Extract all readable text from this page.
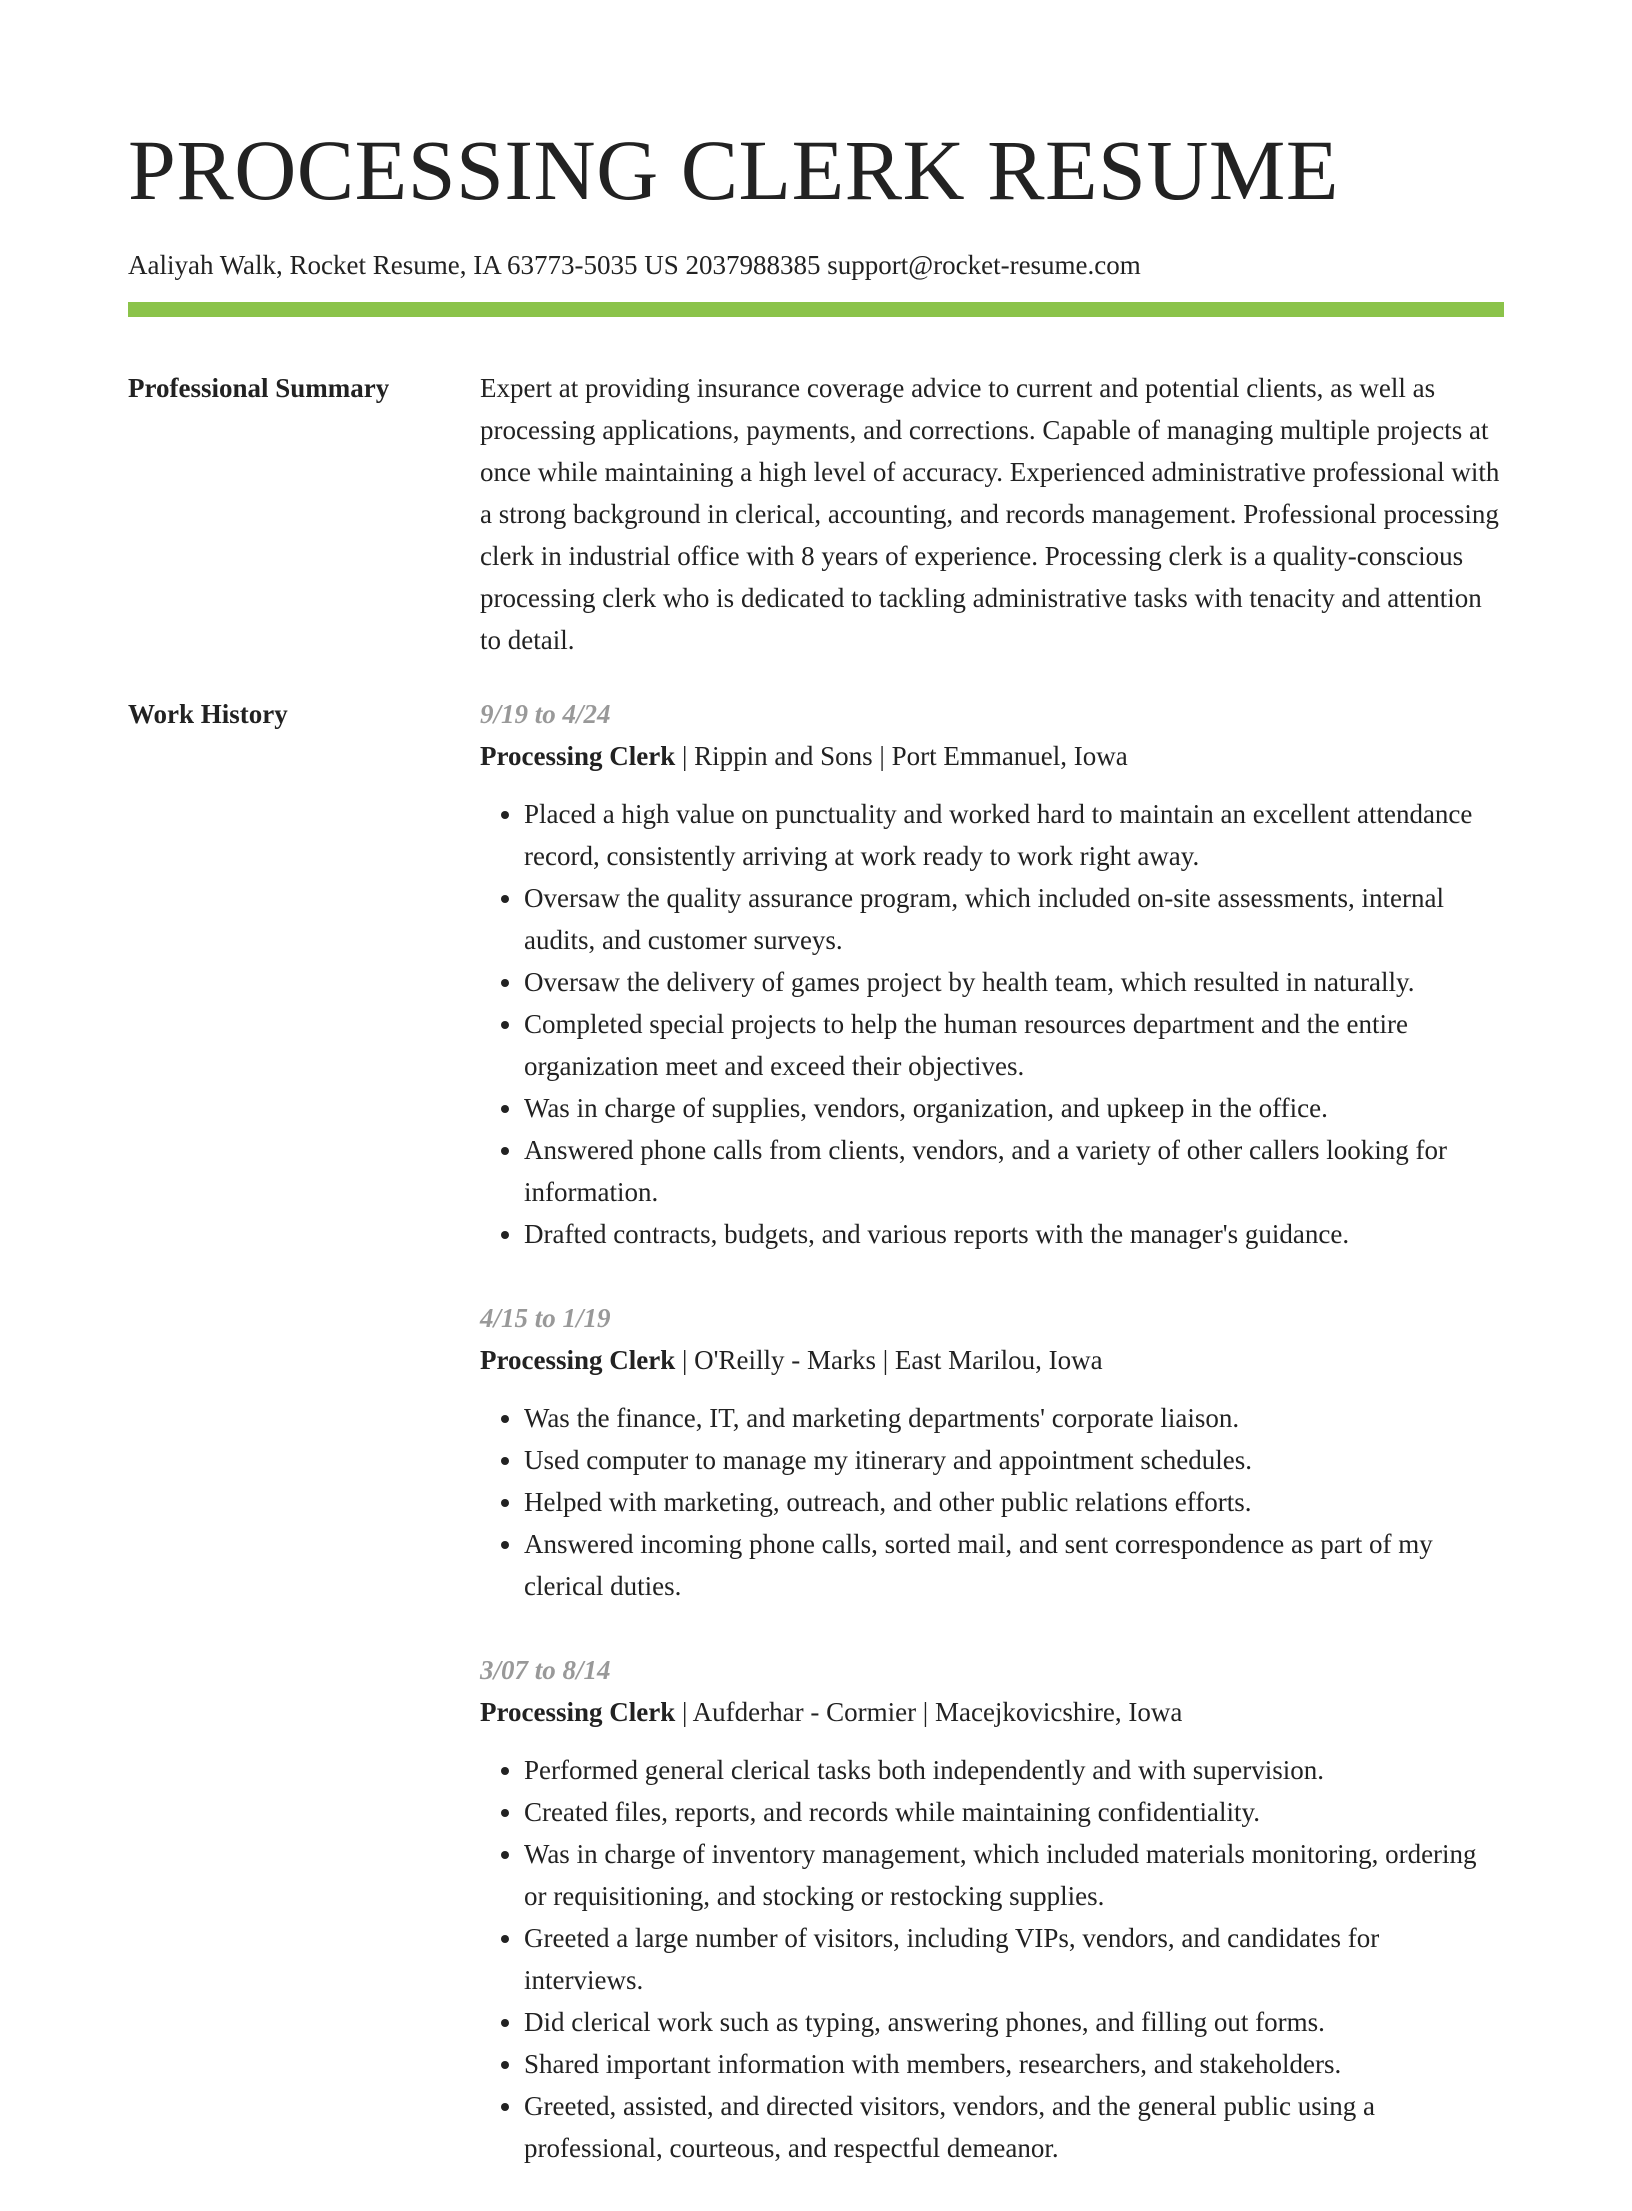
PROCESSING CLERK RESUME
Aaliyah Walk, Rocket Resume, IA 63773-5035 US 2037988385 support@rocket-resume.com
Professional Summary	Expert at providing insurance coverage advice to current and potential clients, as well as processing applications, payments, and corrections. Capable of managing multiple projects at once while maintaining a high level of accuracy. Experienced administrative professional with a strong background in clerical, accounting, and records management. Professional processing clerk in industrial office with 8 years of experience. Processing clerk is a quality-conscious processing clerk who is dedicated to tackling administrative tasks with tenacity and attention to detail.

Work History	9/19 to 4/24
Processing Clerk | Rippin and Sons | Port Emmanuel, Iowa
• Placed a high value on punctuality and worked hard to maintain an excellent attendance record, consistently arriving at work ready to work right away.
• Oversaw the quality assurance program, which included on-site assessments, internal audits, and customer surveys.
• Oversaw the delivery of games project by health team, which resulted in naturally.
• Completed special projects to help the human resources department and the entire organization meet and exceed their objectives.
• Was in charge of supplies, vendors, organization, and upkeep in the office.
• Answered phone calls from clients, vendors, and a variety of other callers looking for information.
• Drafted contracts, budgets, and various reports with the manager's guidance.
4/15 to 1/19
Processing Clerk | O'Reilly - Marks | East Marilou, Iowa
• Was the finance, IT, and marketing departments' corporate liaison.
• Used computer to manage my itinerary and appointment schedules.
• Helped with marketing, outreach, and other public relations efforts.
• Answered incoming phone calls, sorted mail, and sent correspondence as part of my clerical duties.
3/07 to 8/14
Processing Clerk | Aufderhar - Cormier | Macejkovicshire, Iowa
• Performed general clerical tasks both independently and with supervision.
• Created files, reports, and records while maintaining confidentiality.
• Was in charge of inventory management, which included materials monitoring, ordering or requisitioning, and stocking or restocking supplies.
• Greeted a large number of visitors, including VIPs, vendors, and candidates for interviews.
• Did clerical work such as typing, answering phones, and filling out forms.
• Shared important information with members, researchers, and stakeholders.
• Greeted, assisted, and directed visitors, vendors, and the general public using a professional, courteous, and respectful demeanor.
